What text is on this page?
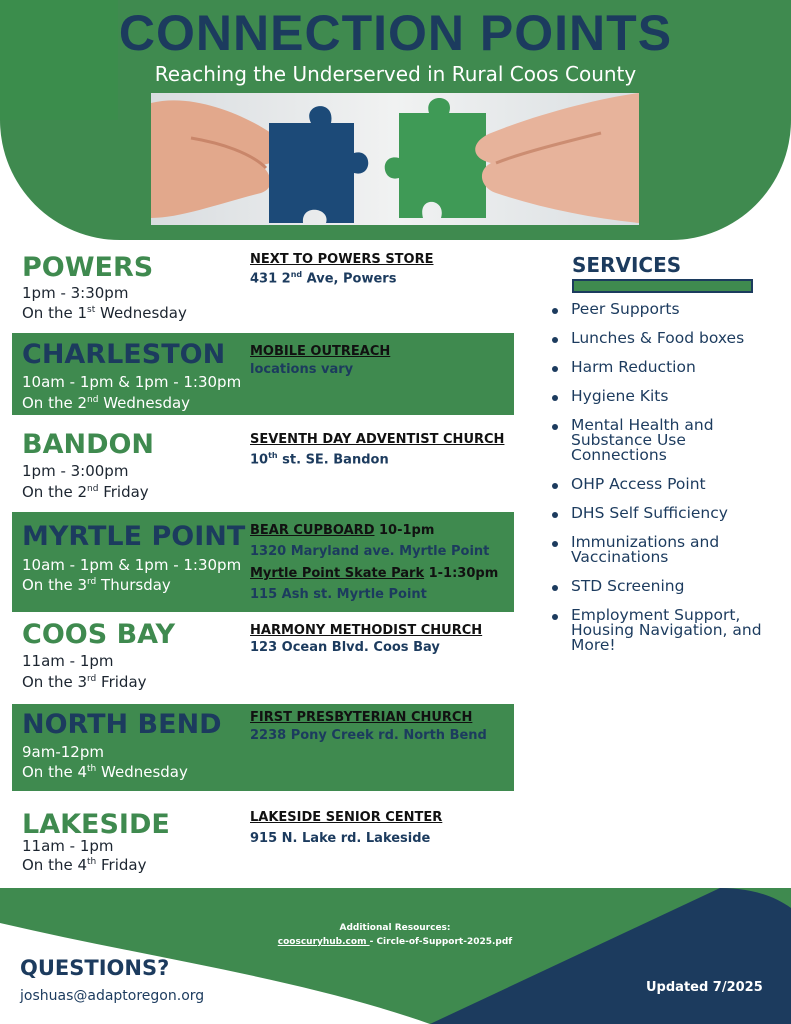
CONNECTION POINTS
Reaching the Underserved in Rural Coos County
POWERS
1pm - 3:30pm
On the 1st Wednesday
NEXT TO POWERS STORE
431 2nd Ave, Powers
CHARLESTON
10am - 1pm & 1pm - 1:30pm
On the 2nd Wednesday
MOBILE OUTREACH
locations vary
BANDON
1pm - 3:00pm
On the 2nd Friday
SEVENTH DAY ADVENTIST CHURCH
10th st. SE. Bandon
MYRTLE POINT
10am - 1pm & 1pm - 1:30pm
On the 3rd Thursday
BEAR CUPBOARD 10-1pm
1320 Maryland ave. Myrtle Point
Myrtle Point Skate Park 1-1:30pm
115 Ash st. Myrtle Point
COOS BAY
11am - 1pm
On the 3rd Friday
HARMONY METHODIST CHURCH
123 Ocean Blvd. Coos Bay
NORTH BEND
9am-12pm
On the 4th Wednesday
FIRST PRESBYTERIAN CHURCH
2238 Pony Creek rd. North Bend
LAKESIDE
11am - 1pm
On the 4th Friday
LAKESIDE SENIOR CENTER
915 N. Lake rd. Lakeside
SERVICES
Peer Supports
Lunches & Food boxes
Harm Reduction
Hygiene Kits
Mental Health and Substance Use Connections
OHP Access Point
DHS Self Sufficiency
Immunizations and Vaccinations
STD Screening
Employment Support, Housing Navigation, and More!
Additional Resources:
cooscuryhub.com - Circle-of-Support-2025.pdf
QUESTIONS?
joshuas@adaptoregon.org
Updated 7/2025
